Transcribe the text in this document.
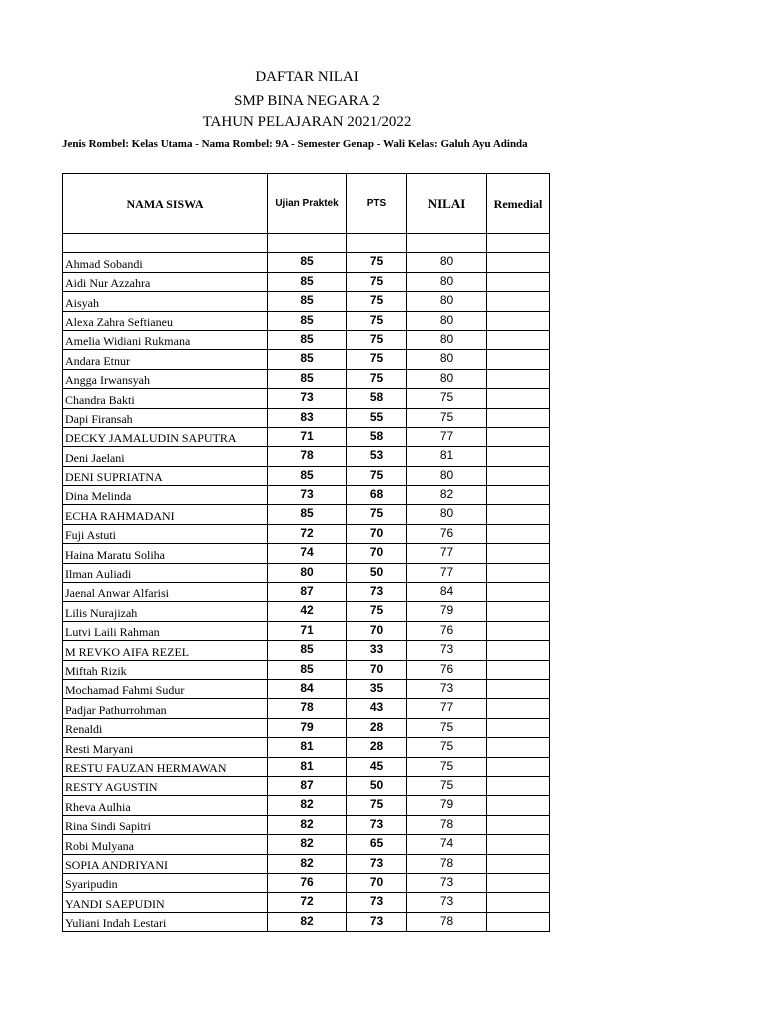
DAFTAR NILAI
SMP BINA NEGARA 2
TAHUN PELAJARAN 2021/2022
Jenis Rombel: Kelas Utama - Nama Rombel: 9A - Semester Genap - Wali Kelas: Galuh Ayu Adinda
NAMA SISWA	Ujian Praktek	PTS	NILAI	Remedial

Ahmad Sobandi	85	75	80	
Aidi Nur Azzahra	85	75	80	
Aisyah	85	75	80	
Alexa Zahra Seftianeu	85	75	80	
Amelia Widiani Rukmana	85	75	80	
Andara Etnur	85	75	80	
Angga Irwansyah	85	75	80	
Chandra Bakti	73	58	75	
Dapi Firansah	83	55	75	
DECKY JAMALUDIN SAPUTRA	71	58	77	
Deni Jaelani	78	53	81	
DENI SUPRIATNA	85	75	80	
Dina Melinda	73	68	82	
ECHA RAHMADANI	85	75	80	
Fuji Astuti	72	70	76	
Haina Maratu Soliha	74	70	77	
Ilman Auliadi	80	50	77	
Jaenal Anwar Alfarisi	87	73	84	
Lilis Nurajizah	42	75	79	
Lutvi Laili Rahman	71	70	76	
M REVKO AIFA REZEL	85	33	73	
Miftah Rizik	85	70	76	
Mochamad Fahmi Sudur	84	35	73	
Padjar Pathurrohman	78	43	77	
Renaldi	79	28	75	
Resti Maryani	81	28	75	
RESTU FAUZAN HERMAWAN	81	45	75	
RESTY AGUSTIN	87	50	75	
Rheva Aulhia	82	75	79	
Rina Sindi Sapitri	82	73	78	
Robi Mulyana	82	65	74	
SOPIA ANDRIYANI	82	73	78	
Syaripudin	76	70	73	
YANDI SAEPUDIN	72	73	73	
Yuliani Indah Lestari	82	73	78	
